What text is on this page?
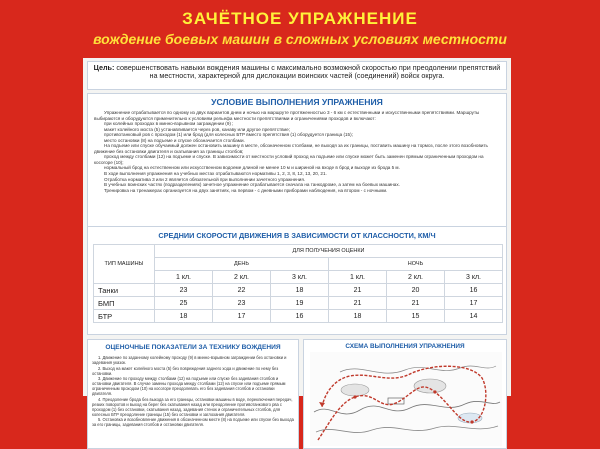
ЗАЧЁТНОЕ УПРАЖНЕНИЕ
вождение боевых машин в сложных условиях местности
Цель: совершенствовать навыки вождения машины с максимально возможной скоростью при преодолении препятствий на местности, характерной для дислокации воинских частей (соединений) войск округа.
УСЛОВИЕ ВЫПОЛНЕНИЯ УПРАЖНЕНИЯ

Упражнение отрабатывается по одному из двух вариантов днем и ночью на маршруте протяженностью 3 - 6 км с естественными и искусственными препятствиями. Маршруты выбираются и оборудуются применительно к условиям рельефа местности препятствиями и ограничениями проходов и включают:

при колейных проходах в минно-взрывном заграждении (9) ;

макет колейного моста (5) устанавливается через ров, канаву или другое препятствие;

противотанковый ров с проходом (1) или брод (для колесных БТР вместо препятствия (1) оборудуется граница (15);

место остановки (8) на подъеме и спуске обозначается столбами.

На подъеме или спуске обучаемый должен остановить машину в месте, обозначенном столбами, не выходя за их границы, поставить машину на тормоз, после этого возобновить движение без остановки двигателя и скатывания за границы столбов;

проход между столбами (12) на подъеме и спуске. В зависимости от местности условий проход на подъеме или спуске может быть заменен прямым ограниченным проходом на косогоре (10);

нормальный брод на естественном или искусственном водоеме длиной не менее 10 м и шириной на входе в брод и выходе из брода 5 м.

В ходе выполнения упражнения на учебных местах отрабатываются нормативы 1, 2, 3, 8, 12, 13, 20, 21.

Отработка норматива 3 или 2 является обязательной при выполнении зачетного упражнения.

В учебных воинских частях (подразделениях) зачетное упражнение отрабатывается сначала на танкодроме, а затем на боевых машинах.

Тренировка на тренажерах организуется на двух занятиях, на первом - с дневными приборами наблюдения, на втором - с ночными.

СРЕДНИИ СКОРОСТИ ДВИЖЕНИЯ В ЗАВИСИМОСТИ ОТ КЛАССНОСТИ, КМ/Ч
ТИП МАШИНЫ	ДЛЯ ПОЛУЧЕНИЯ ОЦЕНКИ					
	ДЕНЬ			НОЧЬ		
	1 кл.	2 кл.	3 кл.	1 кл.	2 кл.	3 кл.
Танки	23	22	18	21	20	16
БМП	25	23	19	21	21	17
БТР	18	17	16	18	15	14
ОЦЕНОЧНЫЕ ПОКАЗАТЕЛИ ЗА ТЕХНИКУ ВОЖДЕНИЯ

1. Движение по заданному колейному проходу (9) в минно-взрывном заграждении без остановки и задевания указок.

2. Выход на макет колейного моста (5) без повреждения заднего хода и движение по нему без остановки.

3. Движение по проходу между столбами (12) на подъеме или спуске без задевания столбов и остановки двигателя. В случае замены прохода между столбами (12) на спуске или подъеме прямым ограниченным проходом (10) на косогоре преодолевать его без задевания столбов и остановки двигателя.

4. Преодоление брода без выхода за его границы, остановки машины в воде, переключения передач, резких поворотов и выход на берег без скатывания назад или преодоление противотанкового рва с проходом (1) без остановки, скатывания назад, задевания стенок и ограничительных столбов, для колесных БТР преодоление границы (15) без остановки и заглохания двигателя.

5. Остановка и возобновление движения в обозначенном месте (8) на подъеме или спуске без выхода за его границы, задевания столбов и остановки двигателя.

СХЕМА ВЫПОЛНЕНИЯ УПРАЖНЕНИЯ
